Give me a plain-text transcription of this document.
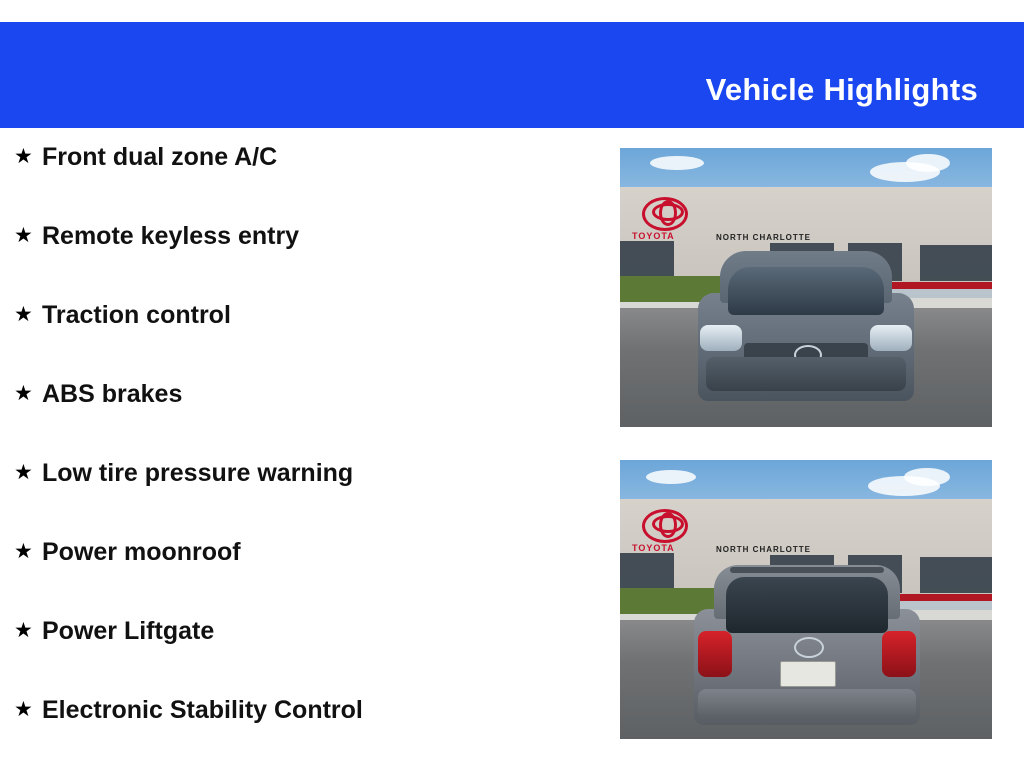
Vehicle Highlights
★ Front dual zone A/C
★ Remote keyless entry
★ Traction control
★ ABS brakes
★ Low tire pressure warning
★ Power moonroof
★ Power Liftgate
★ Electronic Stability Control
TOYOTA	NORTH CHARLOTTE
TOYOTA	NORTH CHARLOTTE
